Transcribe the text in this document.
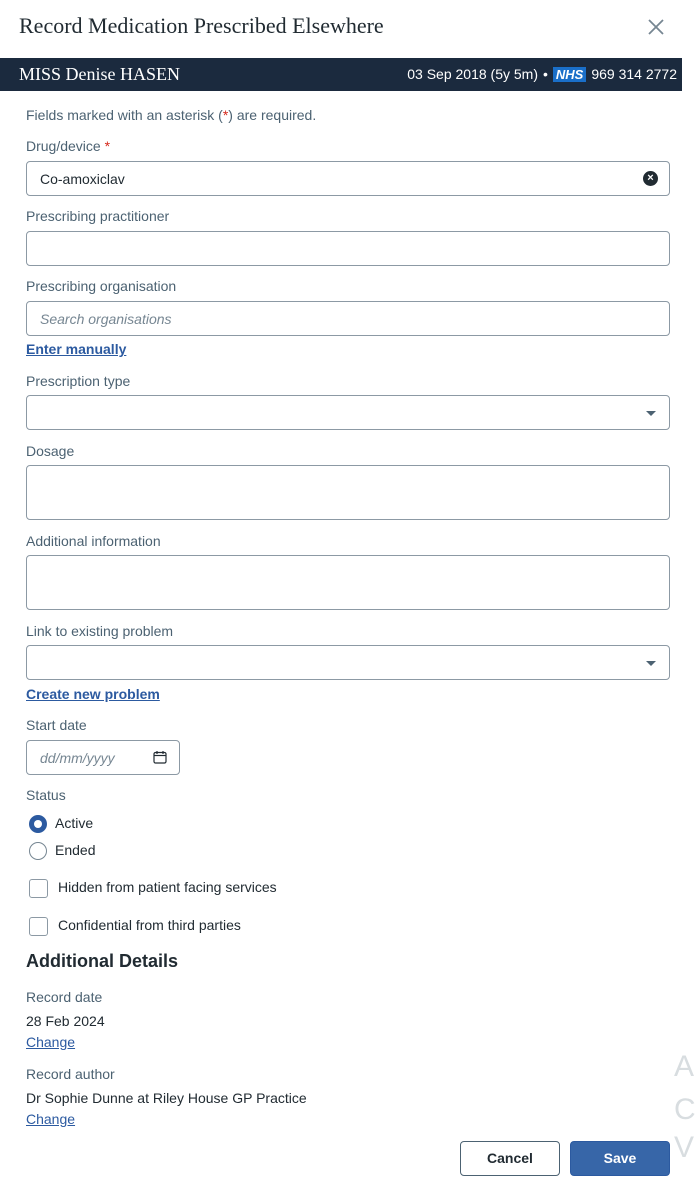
Record Medication Prescribed Elsewhere
MISS Denise HASEN	03 Sep 2018 (5y 5m) • NHS 969 314 2772
Fields marked with an asterisk (*) are required.
Drug/device *
Co-amoxiclav	×
Prescribing practitioner
Prescribing organisation
Search organisations
Enter manually
Prescription type
Dosage
Additional information
Link to existing problem
Create new problem
Start date
dd/mm/yyyy
Status
Active
Ended
Hidden from patient facing services
Confidential from third parties
Additional Details
Record date
28 Feb 2024
Change
Record author
Dr Sophie Dunne at Riley House GP Practice
Change
A
C
V
Cancel	Save
